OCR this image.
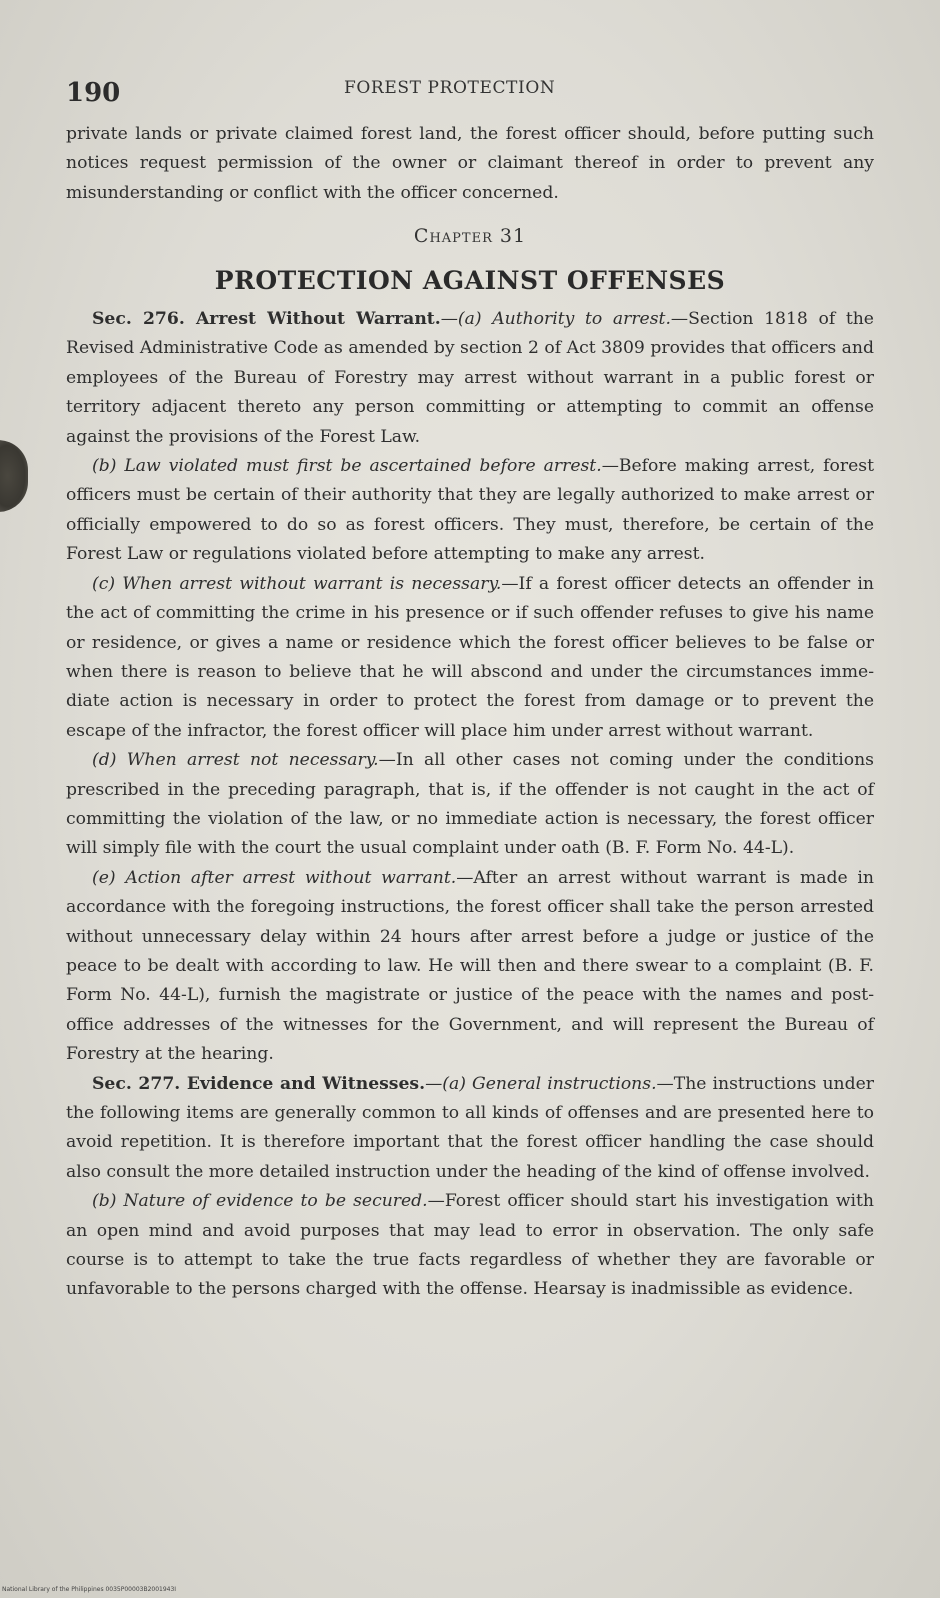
190	FOREST PROTECTION

private lands or private claimed forest land, the forest officer should, before putting such notices request permission of the owner or claimant thereof in order to prevent any misunderstanding or conflict with the officer concerned.

Chapter 31
PROTECTION AGAINST OFFENSES

Sec. 276. Arrest Without Warrant.—(a) Authority to arrest.—Section 1818 of the Revised Administrative Code as amended by section 2 of Act 3809 provides that officers and employees of the Bureau of Forestry may arrest without warrant in a public forest or territory adjacent thereto any person committing or attempting to commit an offense against the provisions of the Forest Law.

(b) Law violated must first be ascertained before arrest.—Before making arrest, forest officers must be certain of their authority that they are legally authorized to make arrest or officially empowered to do so as forest officers. They must, therefore, be certain of the Forest Law or regulations violated before attempting to make any arrest.

(c) When arrest without warrant is necessary.—If a forest officer detects an offender in the act of committing the crime in his presence or if such offender refuses to give his name or residence, or gives a name or residence which the forest officer believes to be false or when there is reason to believe that he will abscond and under the circumstances immediate action is necessary in order to protect the forest from damage or to prevent the escape of the infractor, the forest officer will place him under arrest without warrant.

(d) When arrest not necessary.—In all other cases not coming under the conditions prescribed in the preceding paragraph, that is, if the offender is not caught in the act of committing the violation of the law, or no immediate action is necessary, the forest officer will simply file with the court the usual complaint under oath (B. F. Form No. 44-L).

(e) Action after arrest without warrant.—After an arrest without warrant is made in accordance with the foregoing instructions, the forest officer shall take the person arrested without unnecessary delay within 24 hours after arrest before a judge or justice of the peace to be dealt with according to law. He will then and there swear to a complaint (B. F. Form No. 44-L), furnish the magistrate or justice of the peace with the names and post-office addresses of the witnesses for the Government, and will represent the Bureau of Forestry at the hearing.

Sec. 277. Evidence and Witnesses.—(a) General instructions.—The instructions under the following items are generally common to all kinds of offenses and are presented here to avoid repetition. It is therefore important that the forest officer handling the case should also consult the more detailed instruction under the heading of the kind of offense involved.

(b) Nature of evidence to be secured.—Forest officer should start his investigation with an open mind and avoid purposes that may lead to error in observation. The only safe course is to attempt to take the true facts regardless of whether they are favorable or unfavorable to the persons charged with the offense. Hearsay is inadmissible as evidence.

National Library of the Philippines 0035P00003B2001943I
